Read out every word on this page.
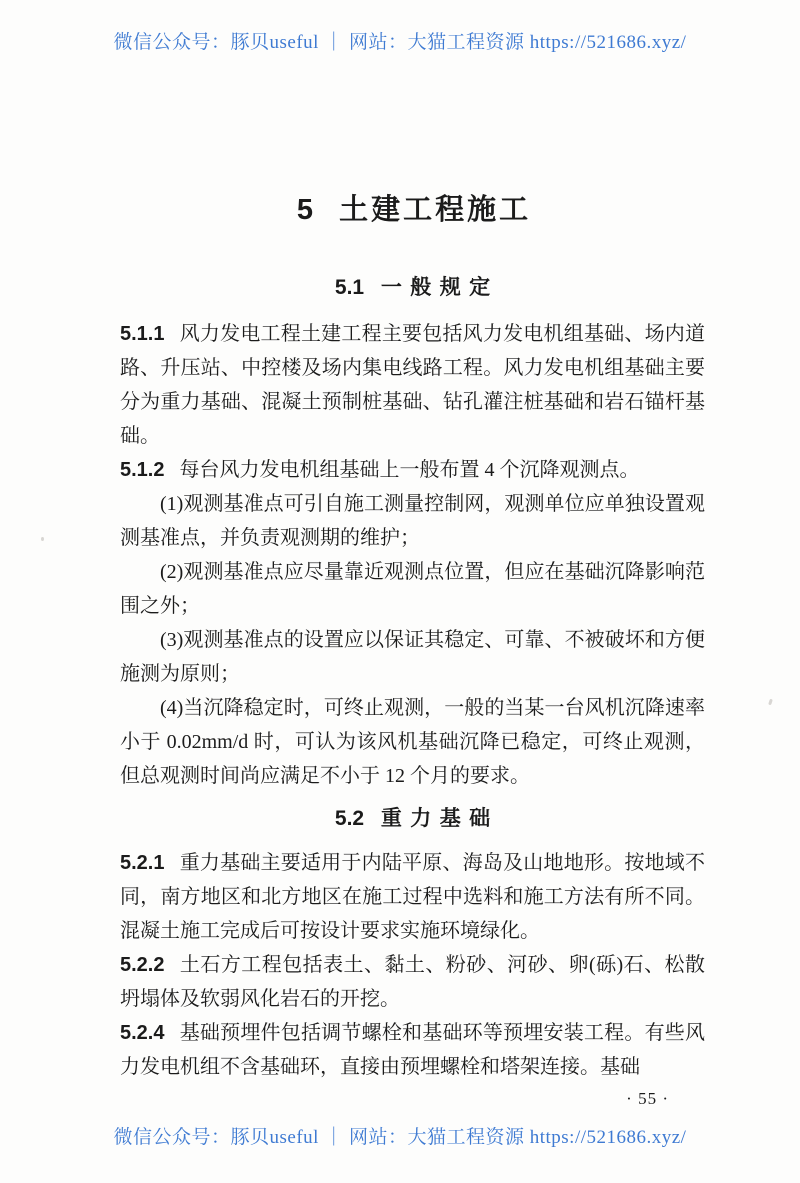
微信公众号：豚贝useful ｜ 网站：大猫工程资源 https://521686.xyz/
5 土建工程施工
5.1 一般规定

5.1.1 风力发电工程土建工程主要包括风力发电机组基础、场内道路、升压站、中控楼及场内集电线路工程。风力发电机组基础主要分为重力基础、混凝土预制桩基础、钻孔灌注桩基础和岩石锚杆基础。

5.1.2 每台风力发电机组基础上一般布置 4 个沉降观测点。

(1)观测基准点可引自施工测量控制网，观测单位应单独设置观测基准点，并负责观测期的维护；

(2)观测基准点应尽量靠近观测点位置，但应在基础沉降影响范围之外；

(3)观测基准点的设置应以保证其稳定、可靠、不被破坏和方便施测为原则；

(4)当沉降稳定时，可终止观测，一般的当某一台风机沉降速率小于 0.02mm/d 时，可认为该风机基础沉降已稳定，可终止观测，但总观测时间尚应满足不小于 12 个月的要求。

5.2 重力基础

5.2.1 重力基础主要适用于内陆平原、海岛及山地地形。按地域不同，南方地区和北方地区在施工过程中选料和施工方法有所不同。混凝土施工完成后可按设计要求实施环境绿化。

5.2.2 土石方工程包括表土、黏土、粉砂、河砂、卵(砾)石、松散坍塌体及软弱风化岩石的开挖。

5.2.4 基础预埋件包括调节螺栓和基础环等预埋安装工程。有些风力发电机组不含基础环，直接由预埋螺栓和塔架连接。基础

· 55 ·
微信公众号：豚贝useful ｜ 网站：大猫工程资源 https://521686.xyz/
